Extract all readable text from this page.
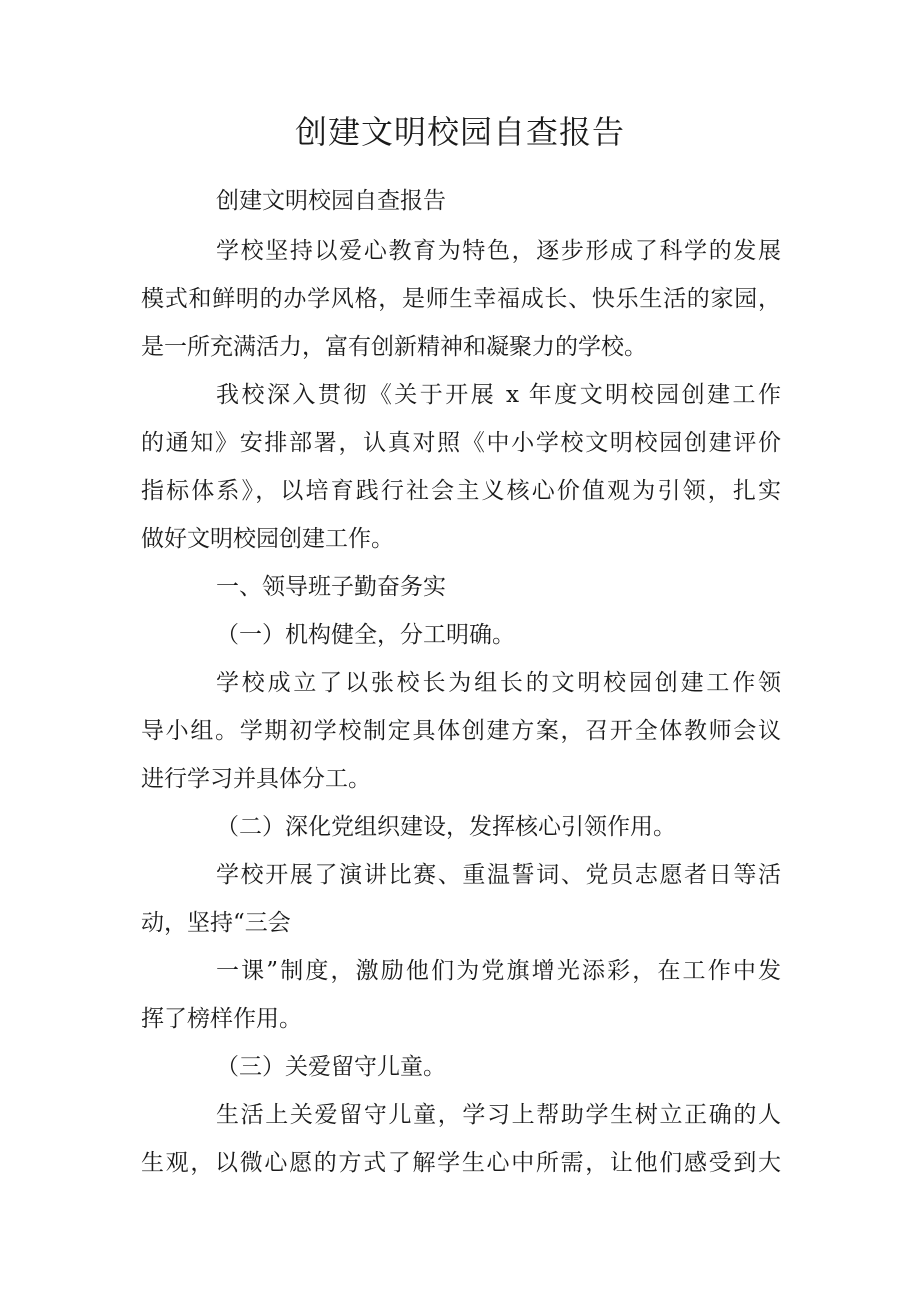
创建文明校园自查报告
创建文明校园自查报告
学校坚持以爱心教育为特色，逐步形成了科学的发展
模式和鲜明的办学风格，是师生幸福成长、快乐生活的家园，
是一所充满活力，富有创新精神和凝聚力的学校。
我校深入贯彻《关于开展 x 年度文明校园创建工作
的通知》安排部署，认真对照《中小学校文明校园创建评价
指标体系》，以培育践行社会主义核心价值观为引领，扎实
做好文明校园创建工作。
一、领导班子勤奋务实
（一）机构健全，分工明确。
学校成立了以张校长为组长的文明校园创建工作领
导小组。学期初学校制定具体创建方案，召开全体教师会议
进行学习并具体分工。
（二）深化党组织建设，发挥核心引领作用。
学校开展了演讲比赛、重温誓词、党员志愿者日等活
动，坚持“三会
一课”制度，激励他们为党旗增光添彩，在工作中发
挥了榜样作用。
（三）关爱留守儿童。
生活上关爱留守儿童，学习上帮助学生树立正确的人
生观，以微心愿的方式了解学生心中所需，让他们感受到大
